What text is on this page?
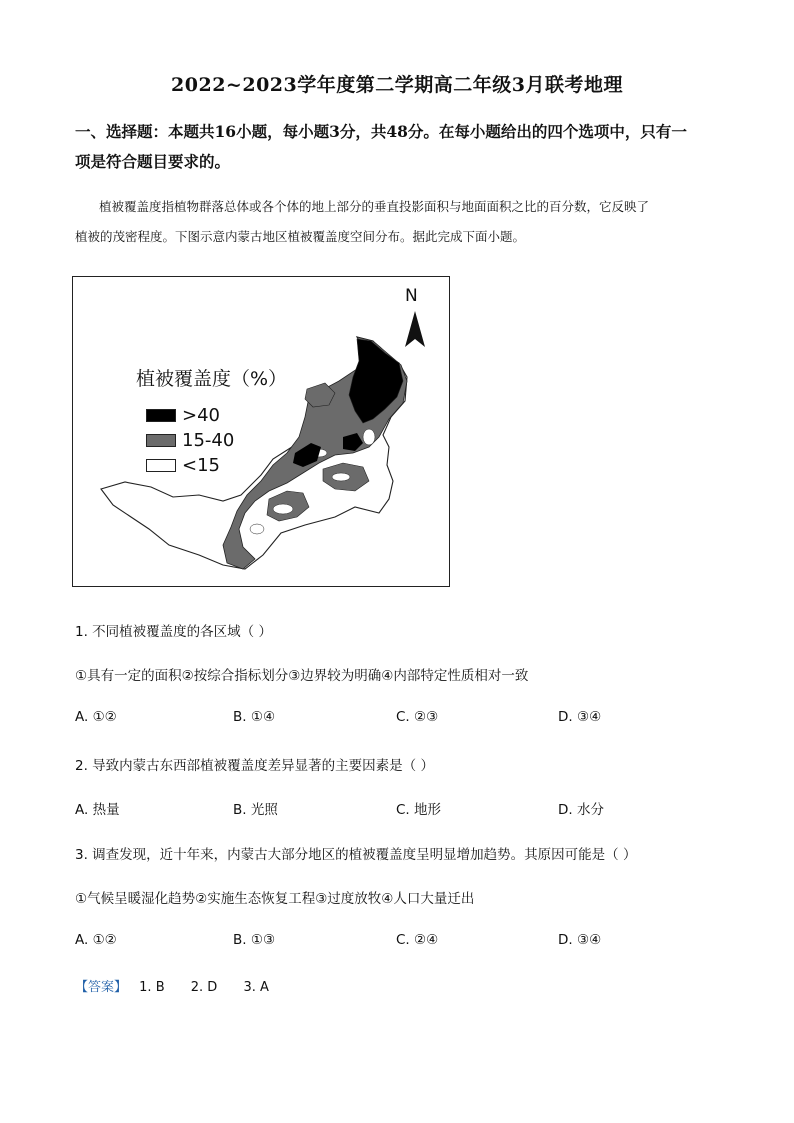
2022~2023学年度第二学期高二年级3月联考地理
一、选择题：本题共16小题，每小题3分，共48分。在每小题给出的四个选项中，只有一
项是符合题目要求的。
植被覆盖度指植物群落总体或各个体的地上部分的垂直投影面积与地面面积之比的百分数，它反映了
植被的茂密程度。下图示意内蒙古地区植被覆盖度空间分布。据此完成下面小题。
N
植被覆盖度（%）
>40
15-40
<15
1. 不同植被覆盖度的各区域（ ）
①具有一定的面积②按综合指标划分③边界较为明确④内部特定性质相对一致
A. ①②	B. ①④	C. ②③	D. ③④
2. 导致内蒙古东西部植被覆盖度差异显著的主要因素是（ ）
A. 热量	B. 光照	C. 地形	D. 水分
3. 调查发现，近十年来，内蒙古大部分地区的植被覆盖度呈明显增加趋势。其原因可能是（ ）
①气候呈暖湿化趋势②实施生态恢复工程③过度放牧④人口大量迁出
A. ①②	B. ①③	C. ②④	D. ③④
【答案】 1. B 2. D 3. A
